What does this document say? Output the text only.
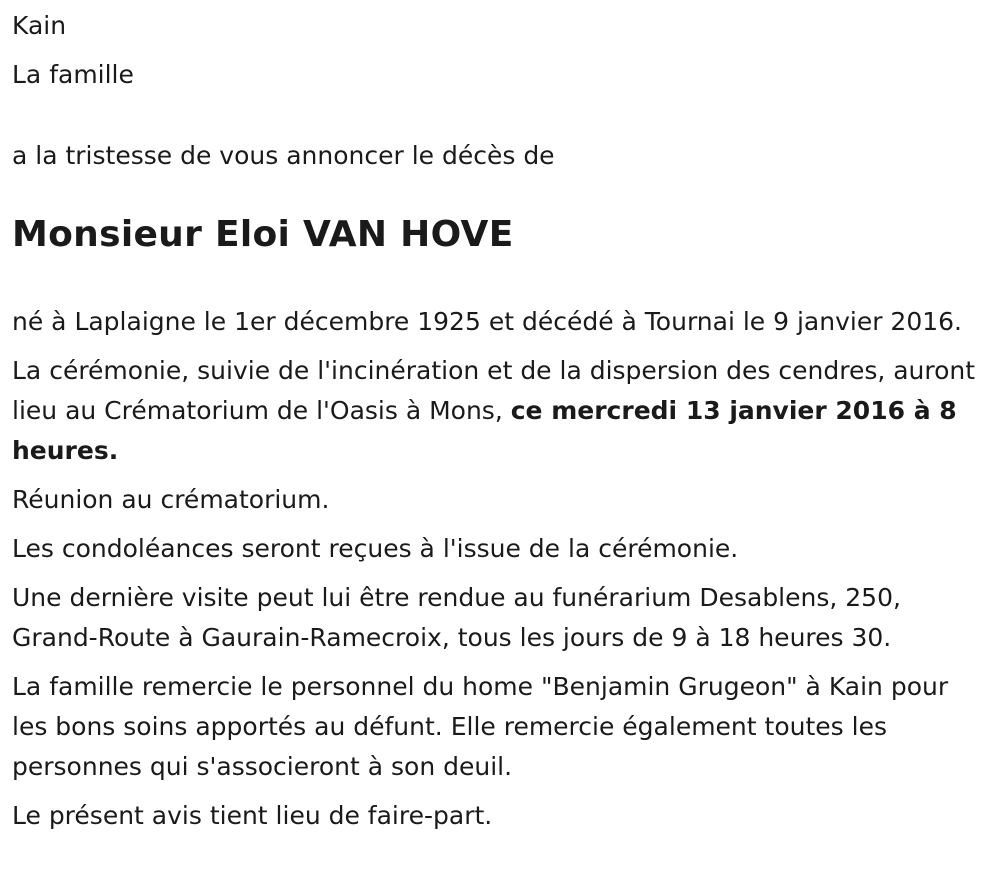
Kain

La famille

a la tristesse de vous annoncer le décès de

Monsieur Eloi VAN HOVE

né à Laplaigne le 1er décembre 1925 et décédé à Tournai le 9 janvier 2016.

La cérémonie, suivie de l'incinération et de la dispersion des cendres, auront lieu au Crématorium de l'Oasis à Mons, ce mercredi 13 janvier 2016 à 8 heures.

Réunion au crématorium.

Les condoléances seront reçues à l'issue de la cérémonie.

Une dernière visite peut lui être rendue au funérarium Desablens, 250, Grand-Route à Gaurain-Ramecroix, tous les jours de 9 à 18 heures 30.

La famille remercie le personnel du home "Benjamin Grugeon" à Kain pour les bons soins apportés au défunt. Elle remercie également toutes les personnes qui s'associeront à son deuil.

Le présent avis tient lieu de faire-part.
